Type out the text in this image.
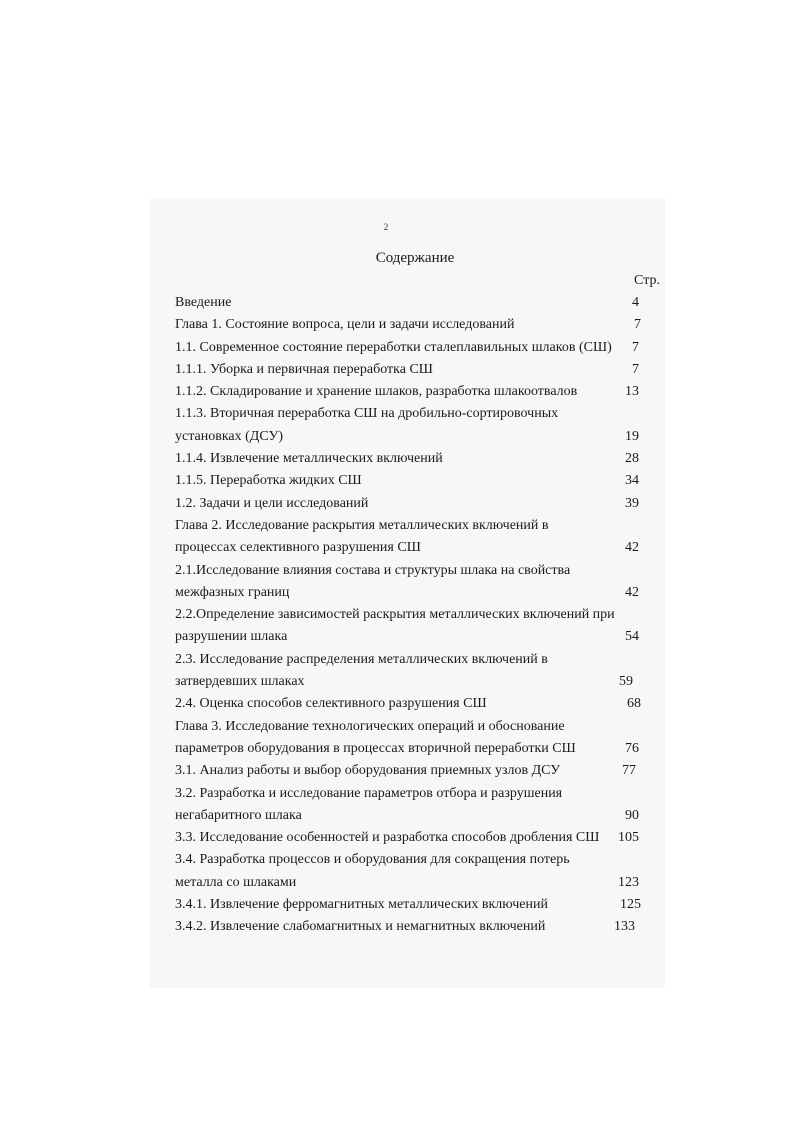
2
Содержание
Стр.
Введение	4
Глава 1. Состояние вопроса, цели и задачи исследований	7
1.1. Современное состояние переработки сталеплавильных шлаков (СШ) 7
1.1.1. Уборка и первичная переработка СШ	7
1.1.2. Складирование и хранение шлаков, разработка шлакоотвалов	13
1.1.3. Вторичная переработка СШ на дробильно-сортировочных
установках (ДСУ)	19
1.1.4. Извлечение металлических включений	28
1.1.5. Переработка жидких СШ	34
1.2. Задачи и цели исследований	39
Глава 2. Исследование раскрытия металлических включений в
процессах селективного разрушения СШ	42
2.1.Исследование влияния состава и структуры шлака на свойства
межфазных границ	42
2.2.Определение зависимостей раскрытия металлических включений при
разрушении шлака	54
2.3. Исследование распределения металлических включений в
затвердевших шлаках	59
2.4. Оценка способов селективного разрушения СШ	68
Глава 3. Исследование технологических операций и обоснование
параметров оборудования в процессах вторичной переработки СШ	76
3.1. Анализ работы и выбор оборудования приемных узлов ДСУ	77
3.2. Разработка и исследование параметров отбора и разрушения
негабаритного шлака	90
3.3. Исследование особенностей и разработка способов дробления СШ 105
3.4. Разработка процессов и оборудования для сокращения потерь
металла со шлаками	123
3.4.1. Извлечение ферромагнитных металлических включений	125
3.4.2. Извлечение слабомагнитных и немагнитных включений	133
